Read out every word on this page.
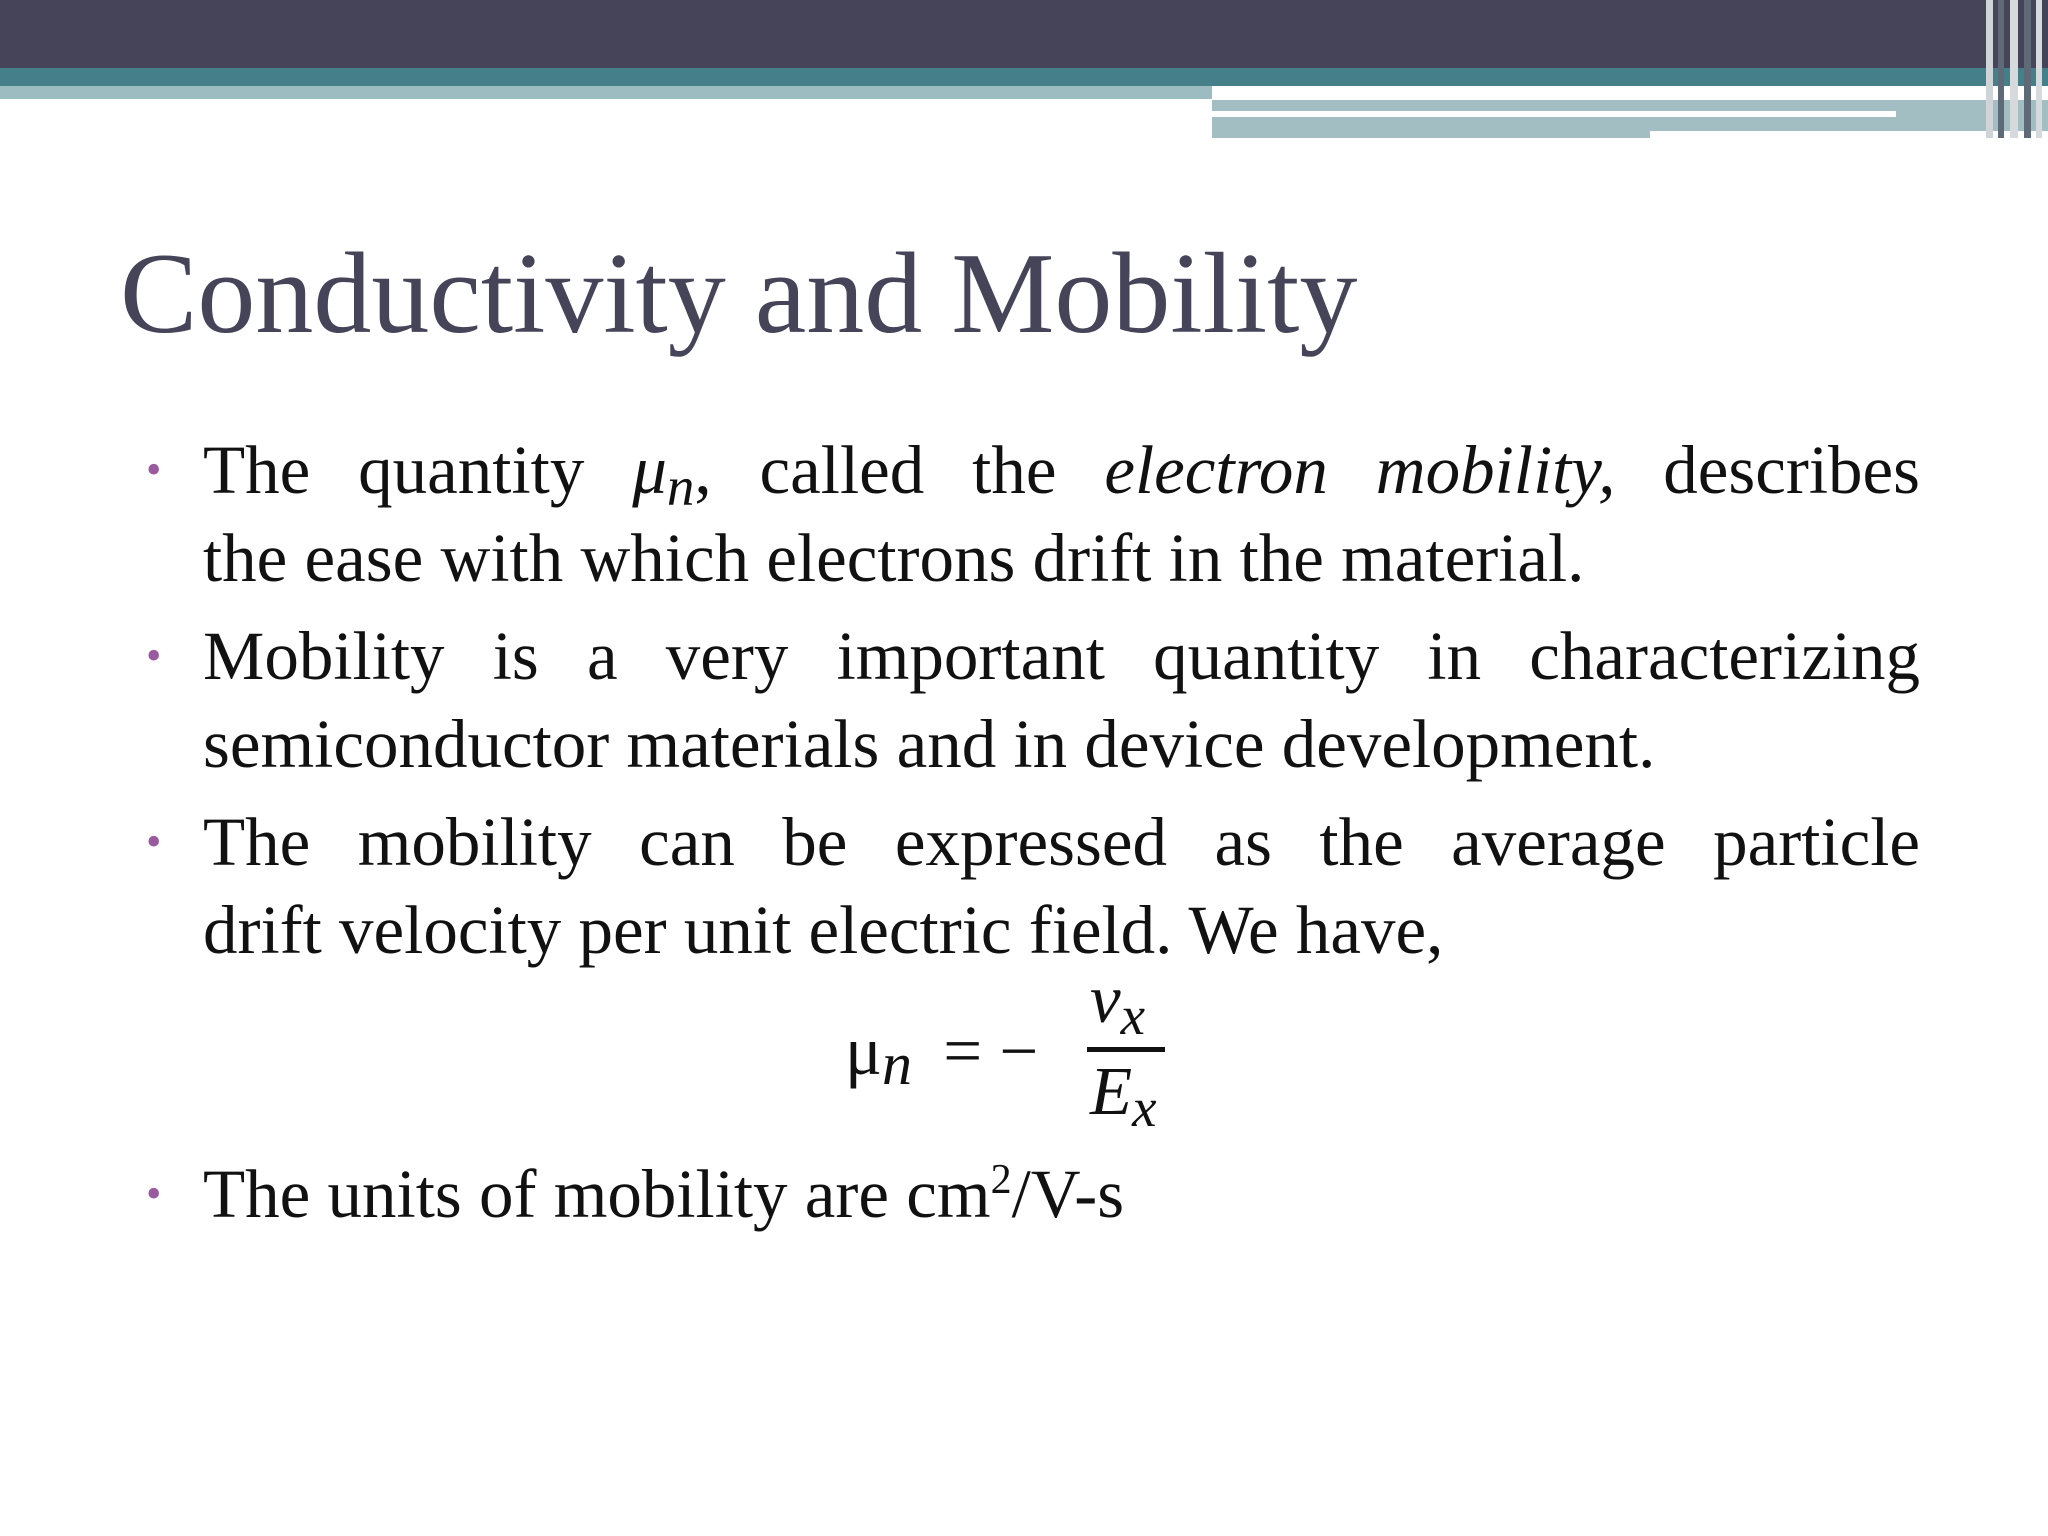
Conductivity and Mobility
• The quantity μn, called the electron mobility, describes
the ease with which electrons drift in the material.
• Mobility is a very important quantity in characterizing
semiconductor materials and in device development.
• The mobility can be expressed as the average particle
drift velocity per unit electric field. We have,
μn = −
vx
Ex
• The units of mobility are $cm^2/V-s$
